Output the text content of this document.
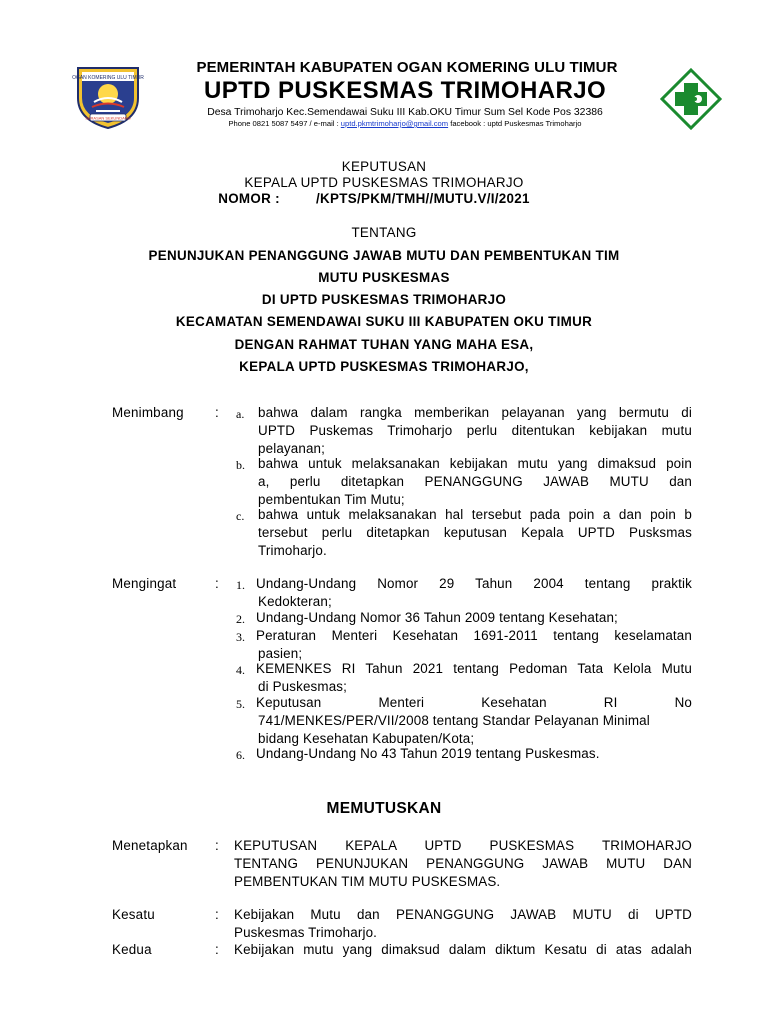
OGAN KOMERING ULU TIMUR
SERASAN SEKUNDANG
PEMERINTAH KABUPATEN OGAN KOMERING ULU TIMUR
UPTD PUSKESMAS TRIMOHARJO
Desa Trimoharjo Kec.Semendawai Suku III Kab.OKU Timur Sum Sel Kode Pos 32386
Phone 0821 5087 5497 / e-mail : uptd.pkmtrimoharjo@gmail.com facebook : uptd Puskesmas Trimoharjo
KEPUTUSAN
KEPALA UPTD PUSKESMAS TRIMOHARJO
NOMOR :         /KPTS/PKM/TMH//MUTU.V/I/2021
TENTANG
PENUNJUKAN PENANGGUNG JAWAB MUTU DAN PEMBENTUKAN TIM
MUTU PUSKESMAS
DI UPTD PUSKESMAS TRIMOHARJO
KECAMATAN SEMENDAWAI SUKU III KABUPATEN OKU TIMUR
DENGAN RAHMAT TUHAN YANG MAHA ESA,
KEPALA UPTD PUSKESMAS TRIMOHARJO,
Menimbang : a. bahwa dalam rangka memberikan pelayanan yang bermutu di
UPTD Puskemas Trimoharjo perlu ditentukan kebijakan mutu
pelayanan;
b. bahwa untuk melaksanakan kebijakan mutu yang dimaksud poin
a, perlu ditetapkan PENANGGUNG JAWAB MUTU dan
pembentukan Tim Mutu;
c. bahwa untuk melaksanakan hal tersebut pada poin a dan poin b
tersebut perlu ditetapkan keputusan Kepala UPTD Pusksmas
Trimoharjo.
Mengingat	: 1. Undang-Undang Nomor 29 Tahun 2004 tentang praktik
Kedokteran;
2. Undang-Undang Nomor 36 Tahun 2009 tentang Kesehatan;
3. Peraturan Menteri Kesehatan 1691-2011 tentang keselamatan
pasien;
4. KEMENKES RI Tahun 2021 tentang Pedoman Tata Kelola Mutu
di Puskesmas;
5. Keputusan Menteri Kesehatan RI No
741/MENKES/PER/VII/2008 tentang Standar Pelayanan Minimal
bidang Kesehatan Kabupaten/Kota;
6. Undang-Undang No 43 Tahun 2019 tentang Puskesmas.
MEMUTUSKAN
Menetapkan : KEPUTUSAN KEPALA UPTD PUSKESMAS TRIMOHARJO
TENTANG PENUNJUKAN PENANGGUNG JAWAB MUTU DAN
PEMBENTUKAN TIM MUTU PUSKESMAS.
Kesatu	: Kebijakan Mutu dan PENANGGUNG JAWAB MUTU di UPTD
Puskesmas Trimoharjo.
Kedua	: Kebijakan mutu yang dimaksud dalam diktum Kesatu di atas adalah
